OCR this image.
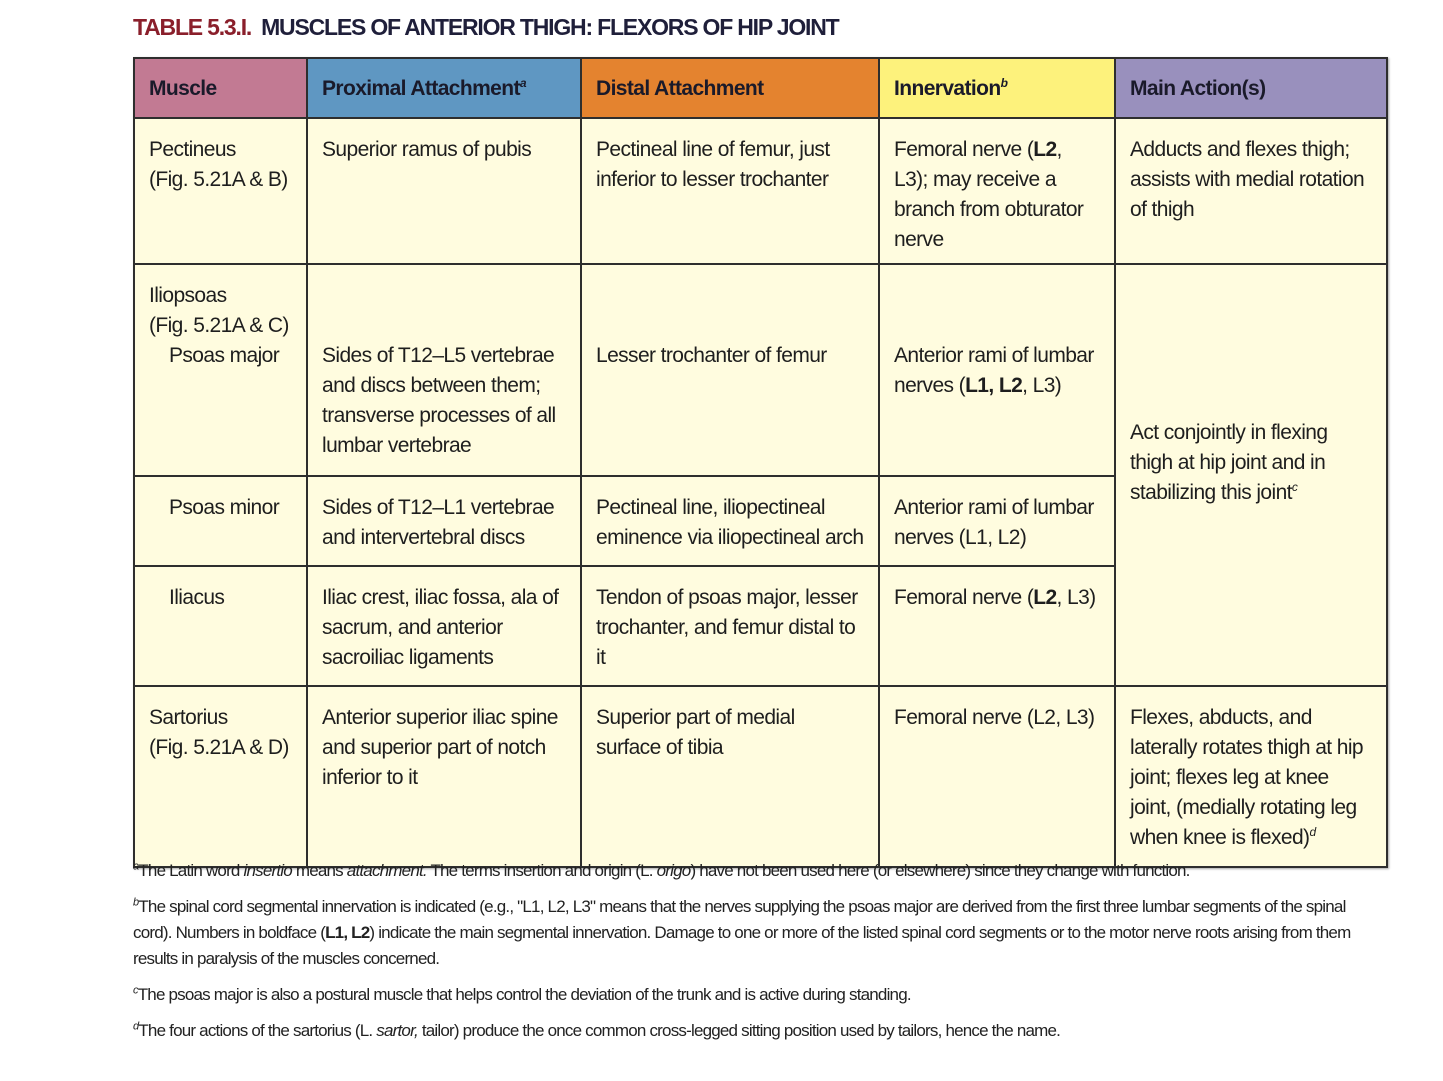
TABLE 5.3.I. MUSCLES OF ANTERIOR THIGH: FLEXORS OF HIP JOINT
Muscle	Proximal Attachment$^a$	Distal Attachment	Innervation$^b$	Main Action(s)

Pectineus
(Fig. 5.21A & B)	Superior ramus of pubis	Pectineal line of femur, just inferior to lesser trochanter	Femoral nerve (L2, L3); may receive a branch from obturator nerve	Adducts and flexes thigh; assists with medial rotation of thigh

Iliopsoas
(Fig. 5.21A & C)
Psoas major	Sides of T12–L5 vertebrae and discs between them; transverse processes of all lumbar vertebrae	Lesser trochanter of femur	Anterior rami of lumbar nerves (L1, L2, L3)	Act conjointly in flexing thigh at hip joint and in stabilizing this joint$^c$
Psoas minor	Sides of T12–L1 vertebrae and intervertebral discs	Pectineal line, iliopectineal eminence via iliopectineal arch	Anterior rami of lumbar nerves (L1, L2)	
Iliacus	Iliac crest, iliac fossa, ala of sacrum, and anterior sacroiliac ligaments	Tendon of psoas major, lesser trochanter, and femur distal to it	Femoral nerve (L2, L3)	

Sartorius
(Fig. 5.21A & D)	Anterior superior iliac spine and superior part of notch inferior to it	Superior part of medial surface of tibia	Femoral nerve (L2, L3)	Flexes, abducts, and laterally rotates thigh at hip joint; flexes leg at knee joint, (medially rotating leg when knee is flexed)$^d$

$^a$The Latin word insertio means attachment. The terms insertion and origin (L. origo) have not been used here (or elsewhere) since they change with function.

$^b$The spinal cord segmental innervation is indicated (e.g., "L1, L2, L3" means that the nerves supplying the psoas major are derived from the first three lumbar segments of the spinal cord). Numbers in boldface (L1, L2) indicate the main segmental innervation. Damage to one or more of the listed spinal cord segments or to the motor nerve roots arising from them results in paralysis of the muscles concerned.

$^c$The psoas major is also a postural muscle that helps control the deviation of the trunk and is active during standing.

$^d$The four actions of the sartorius (L. sartor, tailor) produce the once common cross-legged sitting position used by tailors, hence the name.
